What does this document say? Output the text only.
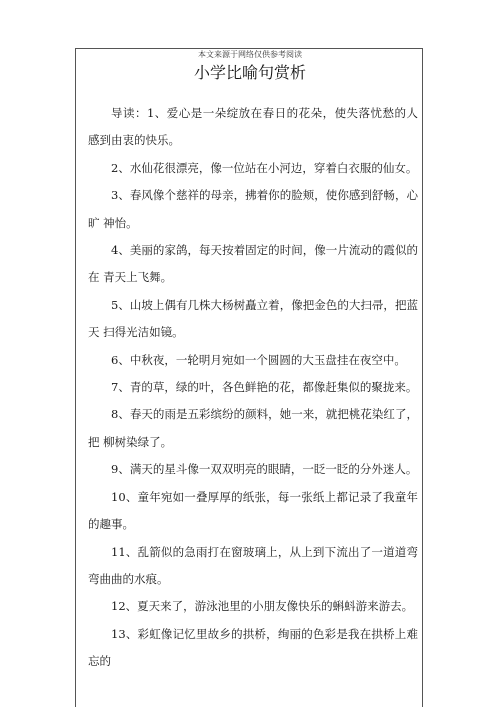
本文来源于网络仅供参考阅读
小学比喻句赏析

导读：1、爱心是一朵绽放在春日的花朵，使失落忧愁的人 感到由衷的快乐。

2、水仙花很漂亮，像一位站在小河边，穿着白衣服的仙女。

3、春风像个慈祥的母亲，拂着你的脸颊，使你感到舒畅，心旷 神怡。

4、美丽的家鸽，每天按着固定的时间，像一片流动的霞似的在 青天上飞舞。

5、山坡上偶有几株大杨树矗立着，像把金色的大扫帚，把蓝天 扫得光洁如镜。

6、中秋夜，一轮明月宛如一个圆圆的大玉盘挂在夜空中。

7、青的草，绿的叶，各色鲜艳的花，都像赶集似的聚拢来。

8、春天的雨是五彩缤纷的颜料，她一来，就把桃花染红了，把 柳树染绿了。

9、满天的星斗像一双双明亮的眼睛，一眨一眨的分外迷人。

10、童年宛如一叠厚厚的纸张，每一张纸上都记录了我童年的趣事。

11、乱箭似的急雨打在窗玻璃上，从上到下流出了一道道弯弯曲曲的水痕。

12、夏天来了，游泳池里的小朋友像快乐的蝌蚪游来游去。

13、彩虹像记忆里故乡的拱桥，绚丽的色彩是我在拱桥上难忘的
